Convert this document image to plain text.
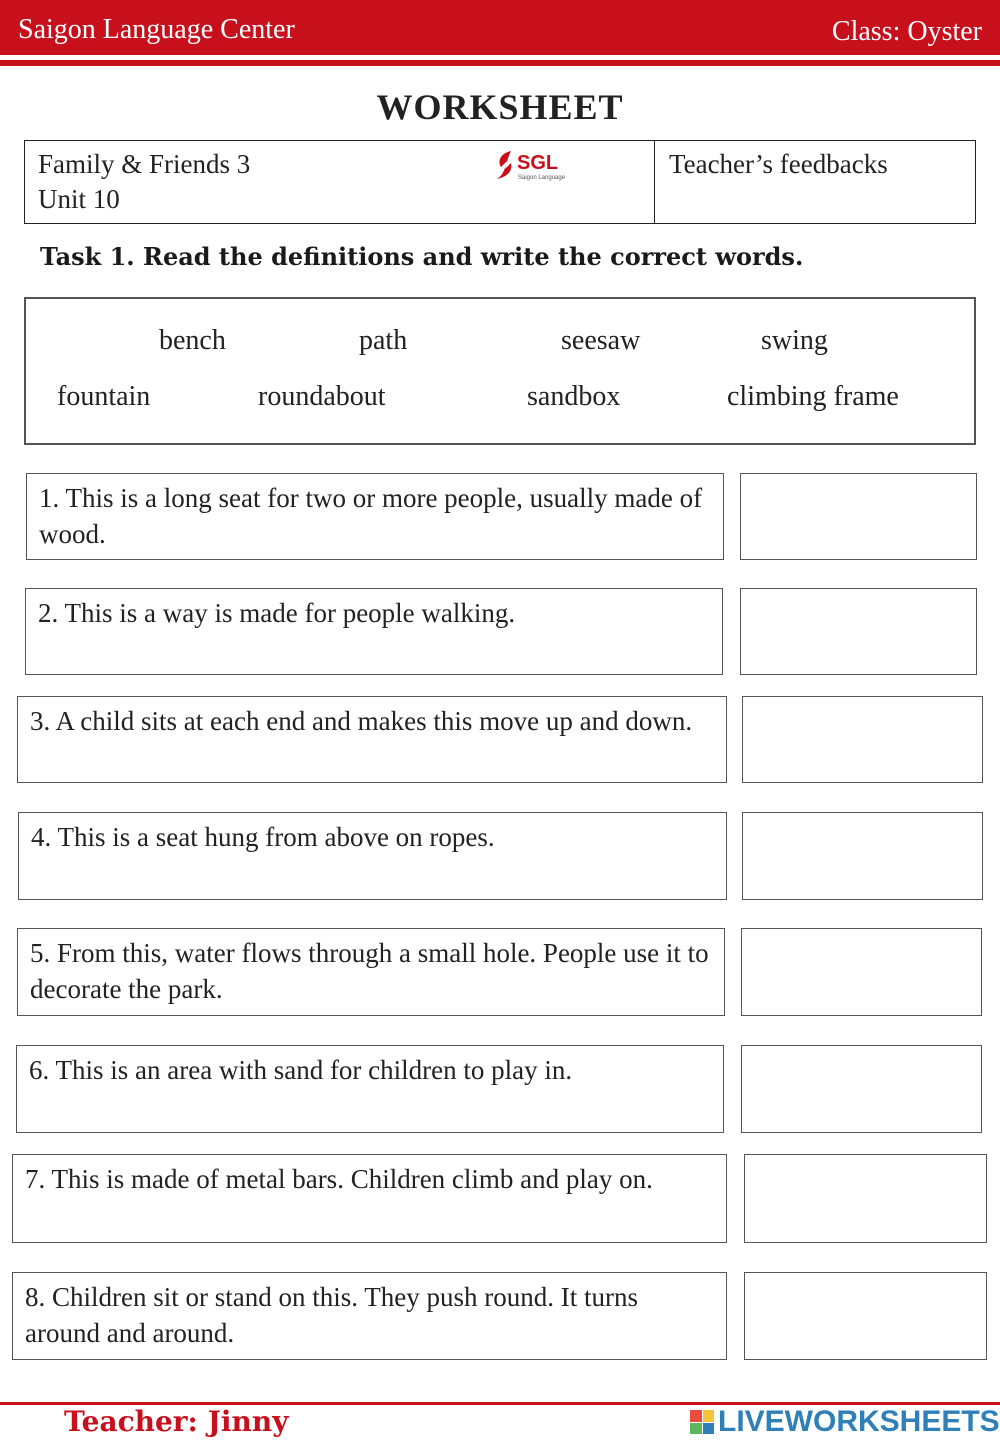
Saigon Language Center	Class: Oyster
WORKSHEET
Family & Friends 3
Unit 10
SGL
Saigon Language	Teacher’s feedbacks
Task 1. Read the definitions and write the correct words.
bench	path	seesaw	swing
fountain	roundabout	sandbox	climbing frame
1. This is a long seat for two or more people, usually made of wood.
2. This is a way is made for people walking.
3. A child sits at each end and makes this move up and down.
4. This is a seat hung from above on ropes.
5. From this, water flows through a small hole. People use it to decorate the park.
6. This is an area with sand for children to play in.
7. This is made of metal bars. Children climb and play on.
8. Children sit or stand on this. They push round. It turns around and around.
Teacher: Jinny	LIVEWORKSHEETS
